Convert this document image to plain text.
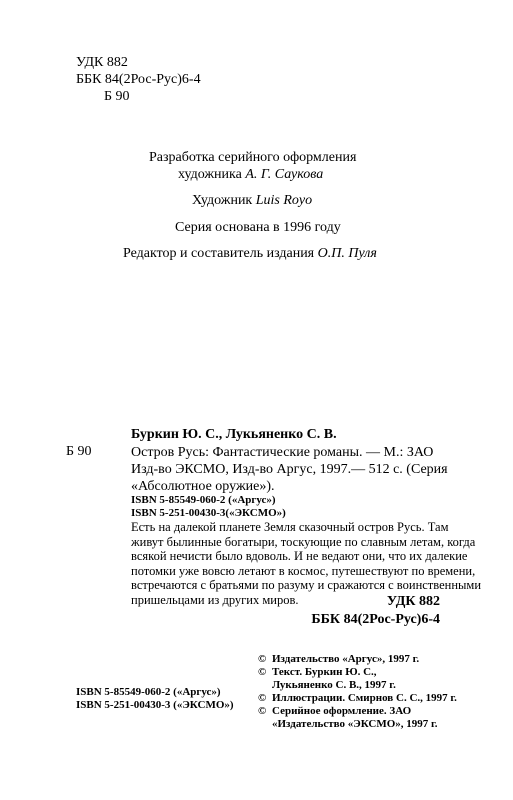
УДК 882
ББК 84(2Рос-Рус)6-4
Б 90
Разработка серийного оформления
художника А. Г. Саукова
Художник Luis Royo
Серия основана в 1996 году
Редактор и составитель издания О.П. Пуля
Буркин Ю. С., Лукьяненко С. В.
Б 90	Остров Русь: Фантастические романы. — М.: ЗАО
Изд-во ЭКСМО, Изд-во Аргус, 1997.— 512 с. (Серия
«Абсолютное оружие»).
ISBN 5-85549-060-2 («Аргус»)
ISBN 5-251-00430-3(«ЭКСМО»)
Есть на далекой планете Земля сказочный остров Русь. Там
живут былинные богатыри, тоскующие по славным летам, когда
всякой нечисти было вдоволь. И не ведают они, что их далекие
потомки уже вовсю летают в космос, путешествуют по времени,
встречаются с братьями по разуму и сражаются с воинственными
пришельцами из других миров.	УДК 882
ББК 84(2Рос-Рус)6-4
© Издательство «Аргус», 1997 г.
© Текст. Буркин Ю. С.,
Лукьяненко С. В., 1997 г.
© Иллюстрации. Смирнов С. С., 1997 г.
© Серийное оформление. ЗАО
«Издательство «ЭКСМО», 1997 г.
ISBN 5-85549-060-2 («Аргус»)
ISBN 5-251-00430-3 («ЭКСМО»)
